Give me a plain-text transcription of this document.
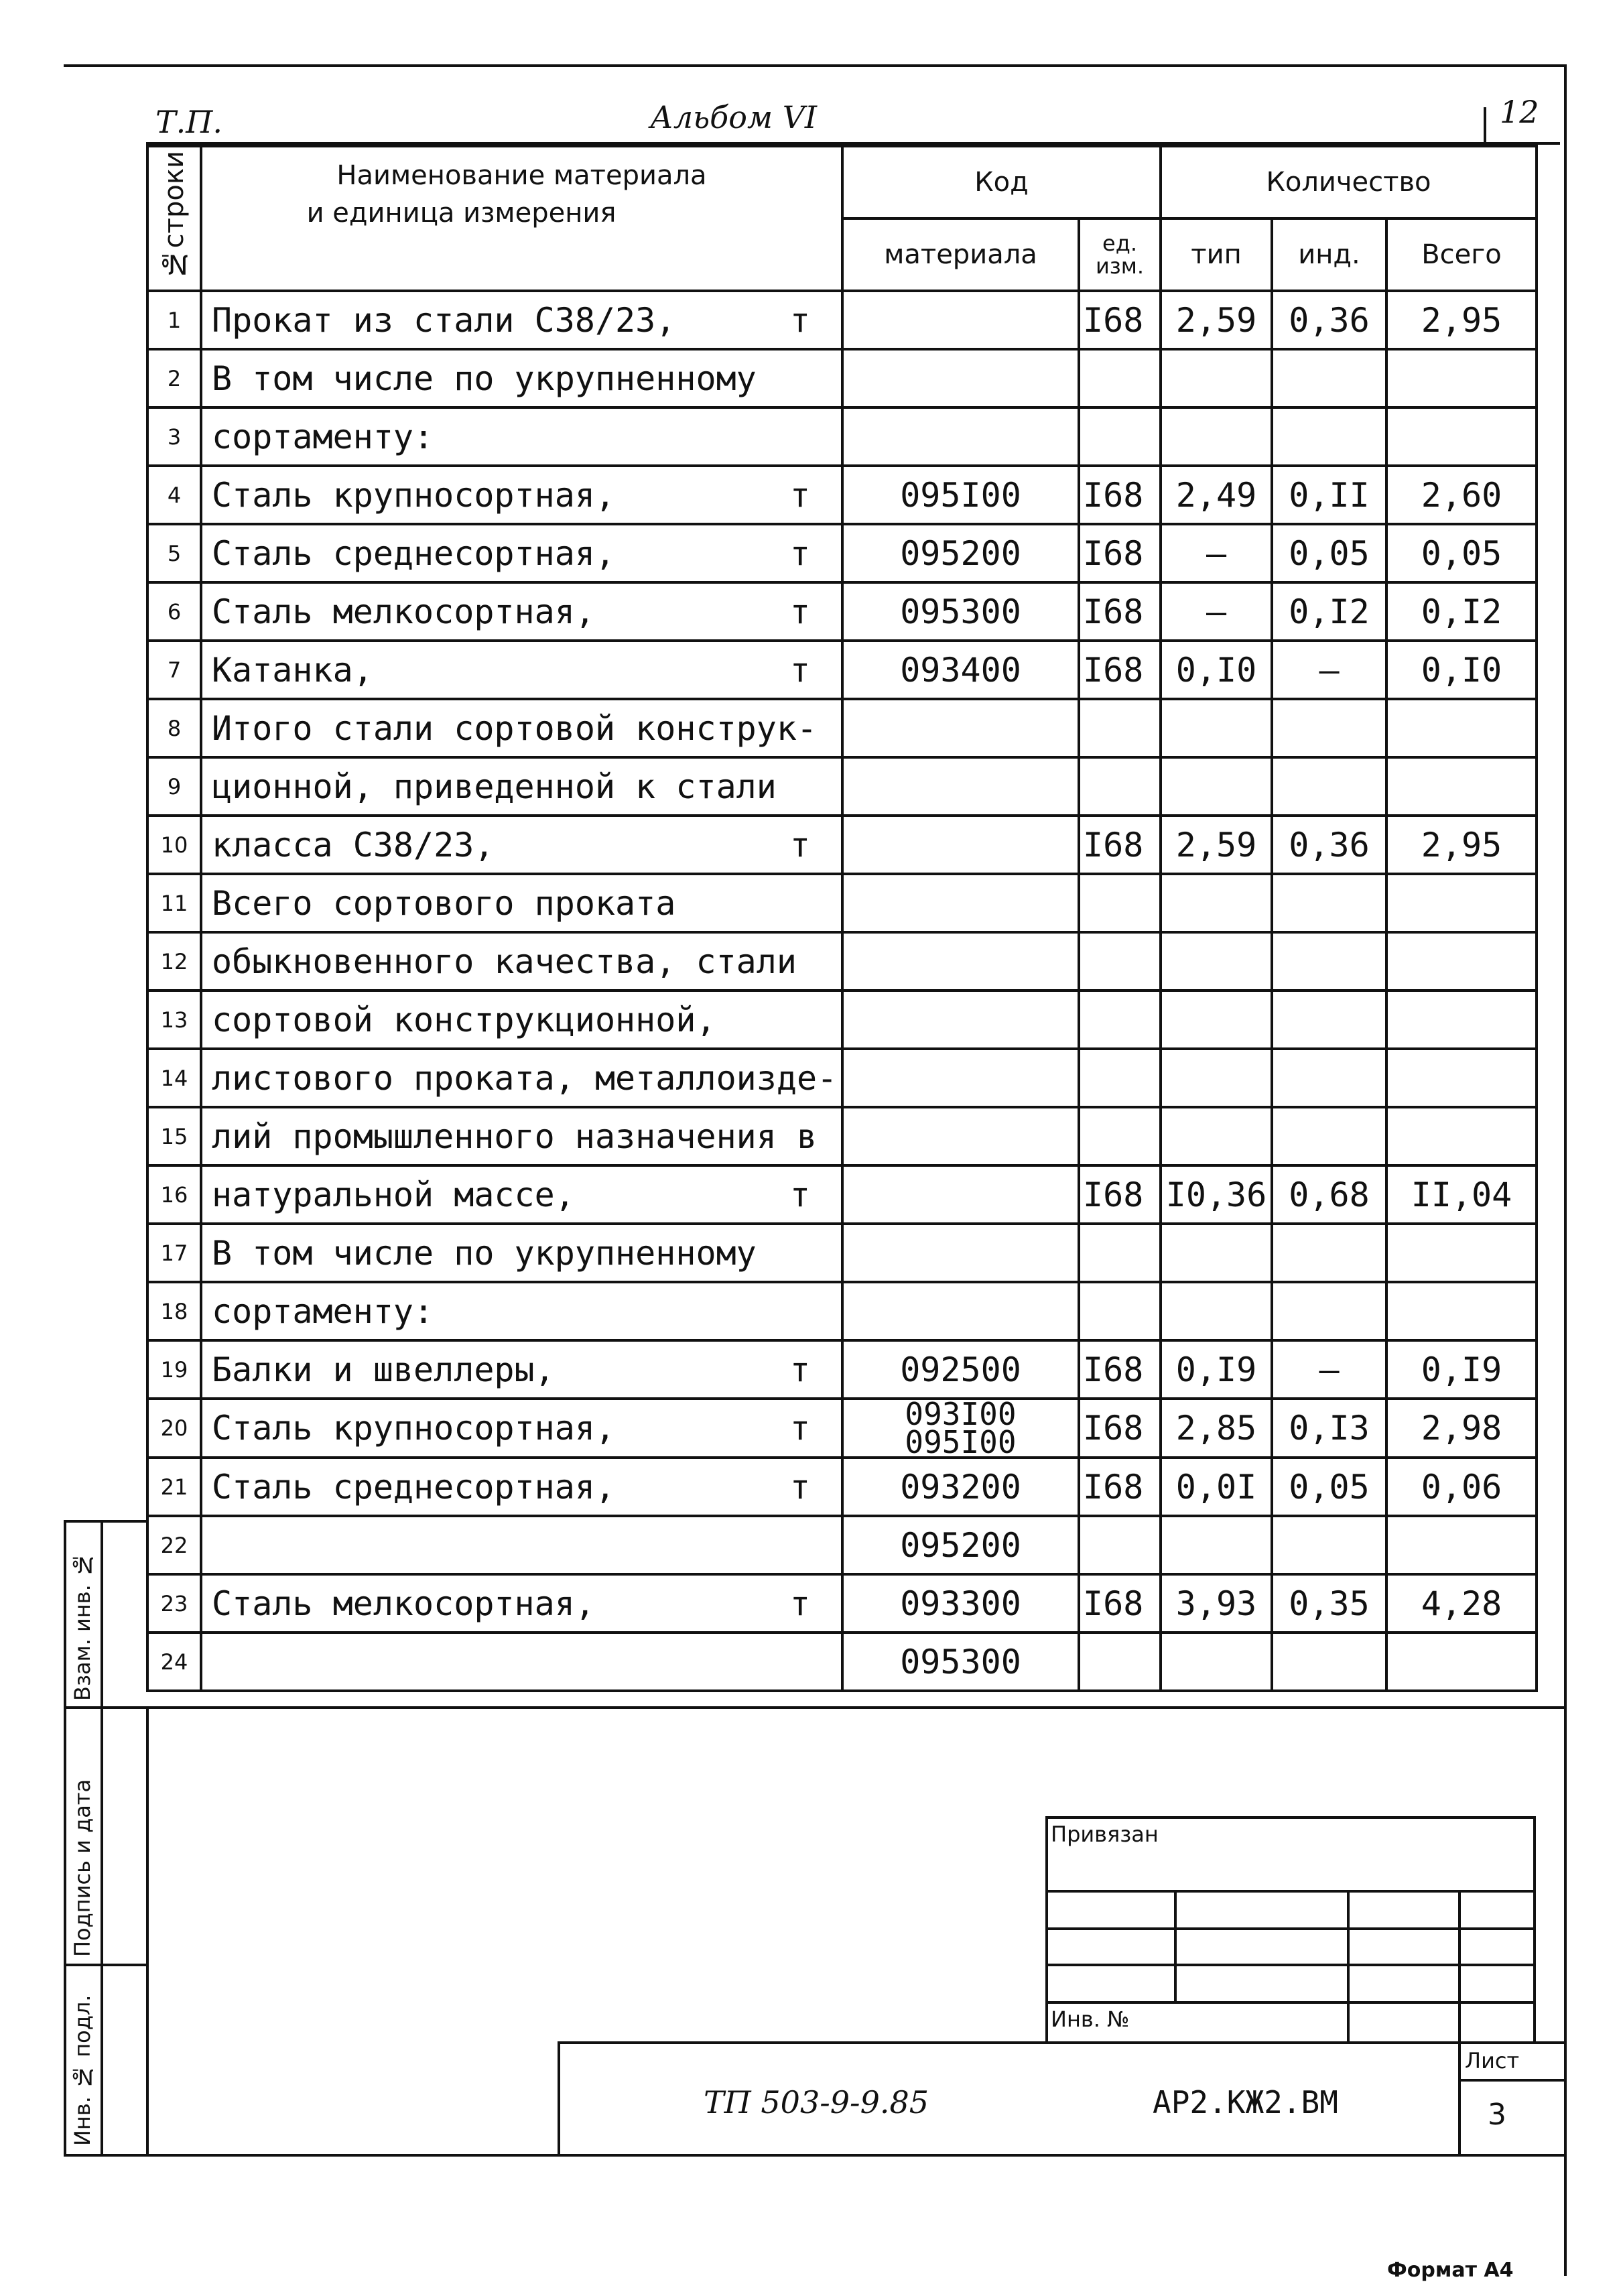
Т.П.	Альбом VI	12
№строки	Наименование материала
и единица измерения	Код		Количество		
		материала	ед. изм.	тип	инд.	Всего
1	Прокат из стали С38/23, т		I68	2,59	0,36	2,95
2	В том числе по укрупненному					
3	сортаменту:					
4	Сталь крупносортная, т	095I00	I68	2,49	0,II	2,60
5	Сталь среднесортная, т	095200	I68	–	0,05	0,05
6	Сталь мелкосортная, т	095300	I68	–	0,I2	0,I2
7	Катанка, т	093400	I68	0,I0	–	0,I0
8	Итого стали сортовой конструк-					
9	ционной, приведенной к стали					
10	класса С38/23, т		I68	2,59	0,36	2,95
11	Всего сортового проката					
12	обыкновенного качества, стали					
13	сортовой конструкционной,					
14	листового проката, металлоизде-					
15	лий промышленного назначения в					
16	натуральной массе, т		I68	I0,36	0,68	II,04
17	В том числе по укрупненному					
18	сортаменту:					
19	Балки и швеллеры, т	092500	I68	0,I9	–	0,I9
20	Сталь крупносортная, т	093I00
095I00	I68	2,85	0,I3	2,98
21	Сталь среднесортная, т	093200	I68	0,0I	0,05	0,06
22		095200				
23	Сталь мелкосортная, т	093300	I68	3,93	0,35	4,28
24		095300				
Взам. инв. №
Подпись и дата
Инв. № подл.
Привязан
Инв. №
ТП 503-9-9.85	АР2.КЖ2.ВМ
Лист
3
Формат А4
